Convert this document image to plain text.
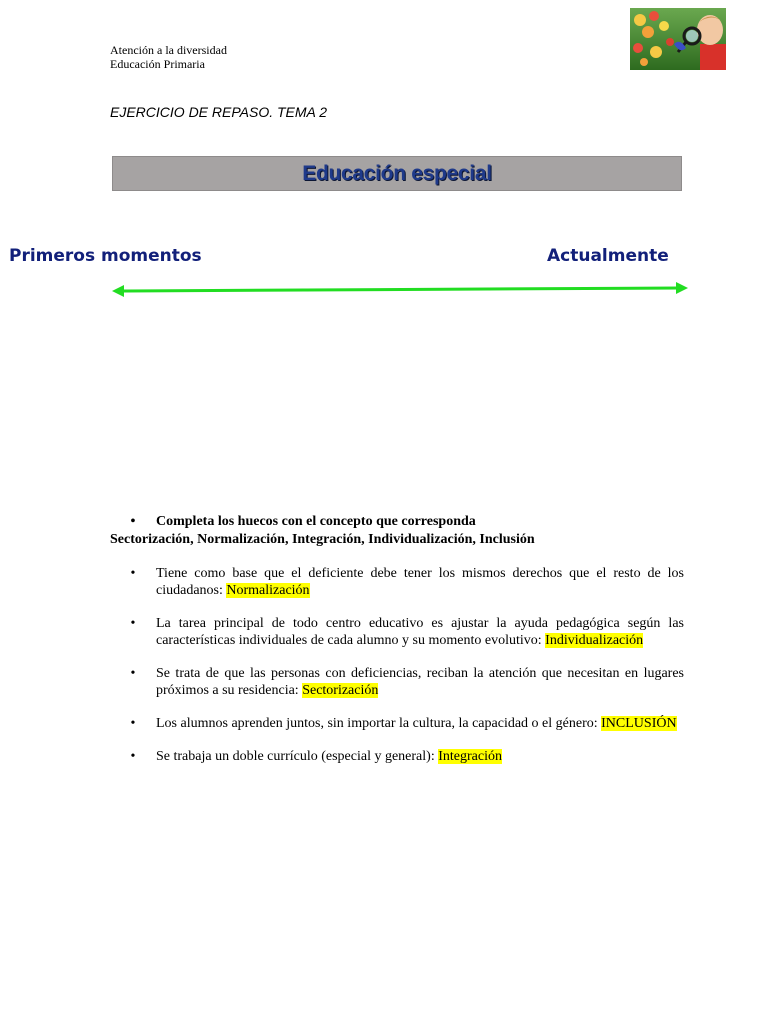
Atención a la diversidad
Educación Primaria
EJERCICIO DE REPASO. TEMA 2
Educación especial
Primeros momentos	Actualmente
•	Completa los huecos con el concepto que corresponda
Sectorización, Normalización, Integración, Individualización, Inclusión
•	Tiene como base que el deficiente debe tener los mismos derechos que el resto de los ciudadanos: Normalización
•	La tarea principal de todo centro educativo es ajustar la ayuda pedagógica según las características individuales de cada alumno y su momento evolutivo: Individualización
•	Se trata de que las personas con deficiencias, reciban la atención que necesitan en lugares próximos a su residencia: Sectorización
•	Los alumnos aprenden juntos, sin importar la cultura, la capacidad o el género: INCLUSIÓN
•	Se trabaja un doble currículo (especial y general): Integración
